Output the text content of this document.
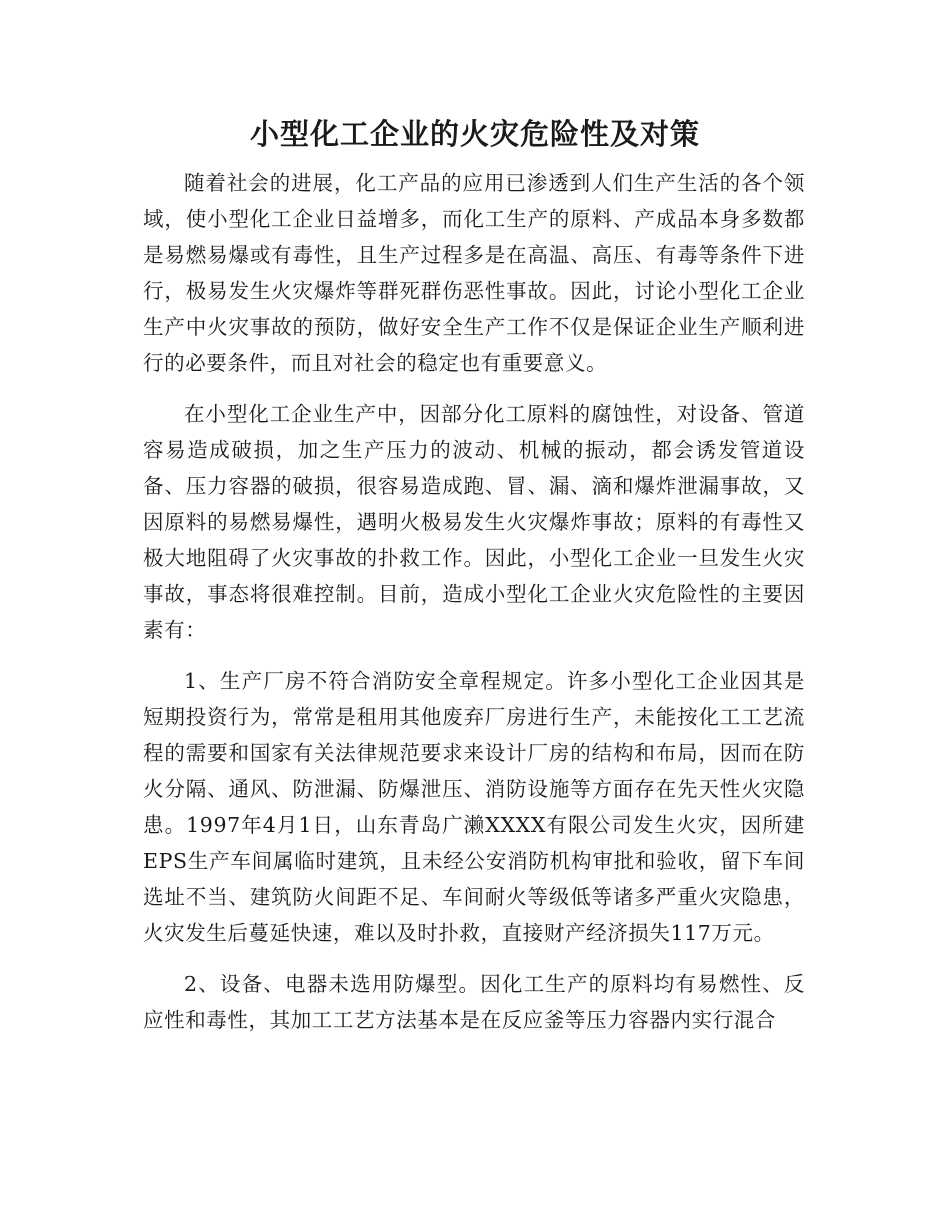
小型化工企业的火灾危险性及对策

随着社会的进展，化工产品的应用已渗透到人们生产生活的各个领域，使小型化工企业日益增多，而化工生产的原料、产成品本身多数都是易燃易爆或有毒性，且生产过程多是在高温、高压、有毒等条件下进行，极易发生火灾爆炸等群死群伤恶性事故。因此，讨论小型化工企业生产中火灾事故的预防，做好安全生产工作不仅是保证企业生产顺利进行的必要条件，而且对社会的稳定也有重要意义。

在小型化工企业生产中，因部分化工原料的腐蚀性，对设备、管道容易造成破损，加之生产压力的波动、机械的振动，都会诱发管道设备、压力容器的破损，很容易造成跑、冒、漏、滴和爆炸泄漏事故，又因原料的易燃易爆性，遇明火极易发生火灾爆炸事故；原料的有毒性又极大地阻碍了火灾事故的扑救工作。因此，小型化工企业一旦发生火灾事故，事态将很难控制。目前，造成小型化工企业火灾危险性的主要因素有：

1、生产厂房不符合消防安全章程规定。许多小型化工企业因其是短期投资行为，常常是租用其他废弃厂房进行生产，未能按化工工艺流程的需要和国家有关法律规范要求来设计厂房的结构和布局，因而在防火分隔、通风、防泄漏、防爆泄压、消防设施等方面存在先天性火灾隐患。1997年4月1日，山东青岛广濑XXXX有限公司发生火灾，因所建EPS生产车间属临时建筑，且未经公安消防机构审批和验收，留下车间选址不当、建筑防火间距不足、车间耐火等级低等诸多严重火灾隐患，火灾发生后蔓延快速，难以及时扑救，直接财产经济损失117万元。

2、设备、电器未选用防爆型。因化工生产的原料均有易燃性、反应性和毒性，其加工工艺方法基本是在反应釜等压力容器内实行混合
